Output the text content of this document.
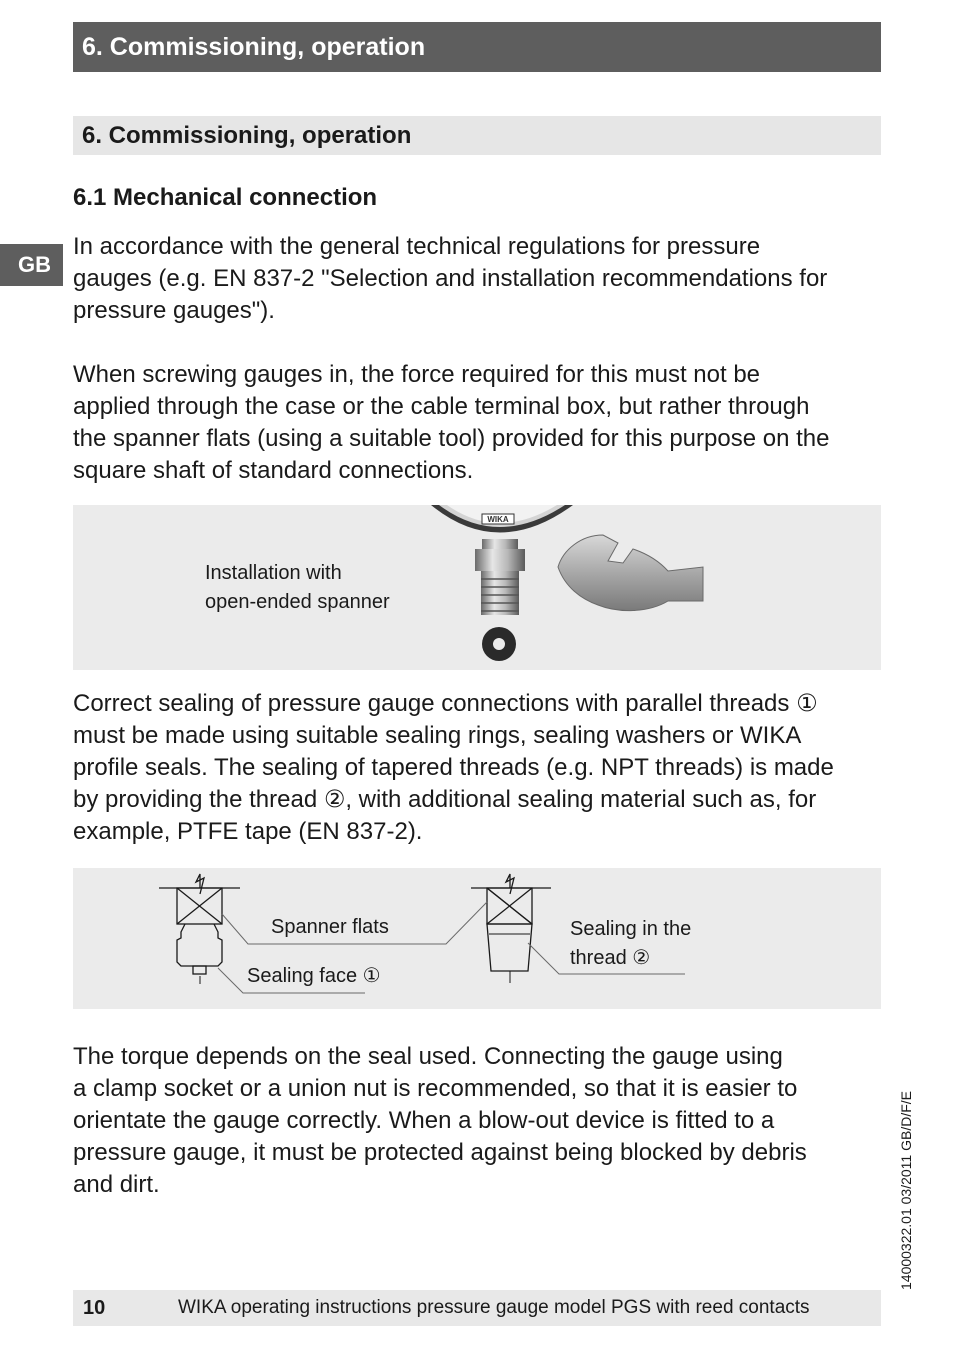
6. Commissioning, operation
6. Commissioning, operation
6.1 Mechanical connection
GB

In accordance with the general technical regulations for pressure
gauges (e.g. EN 837-2 "Selection and installation recommendations for
pressure gauges").

When screwing gauges in, the force required for this must not be
applied through the case or the cable terminal box, but rather through
the spanner flats (using a suitable tool) provided for this purpose on the
square shaft of standard connections.

Installation with
open-ended spanner
WIKA

Correct sealing of pressure gauge connections with parallel threads ①
must be made using suitable sealing rings, sealing washers or WIKA
profile seals. The sealing of tapered threads (e.g. NPT threads) is made
by providing the thread ②, with additional sealing material such as, for
example, PTFE tape (EN 837-2).

Spanner flats
Sealing face ①
Sealing in the
thread ②

The torque depends on the seal used. Connecting the gauge using
a clamp socket or a union nut is recommended, so that it is easier to
orientate the gauge correctly. When a blow-out device is fitted to a
pressure gauge, it must be protected against being blocked by debris
and dirt.

10	WIKA operating instructions pressure gauge model PGS with reed contacts
14000322.01 03/2011 GB/D/F/E
